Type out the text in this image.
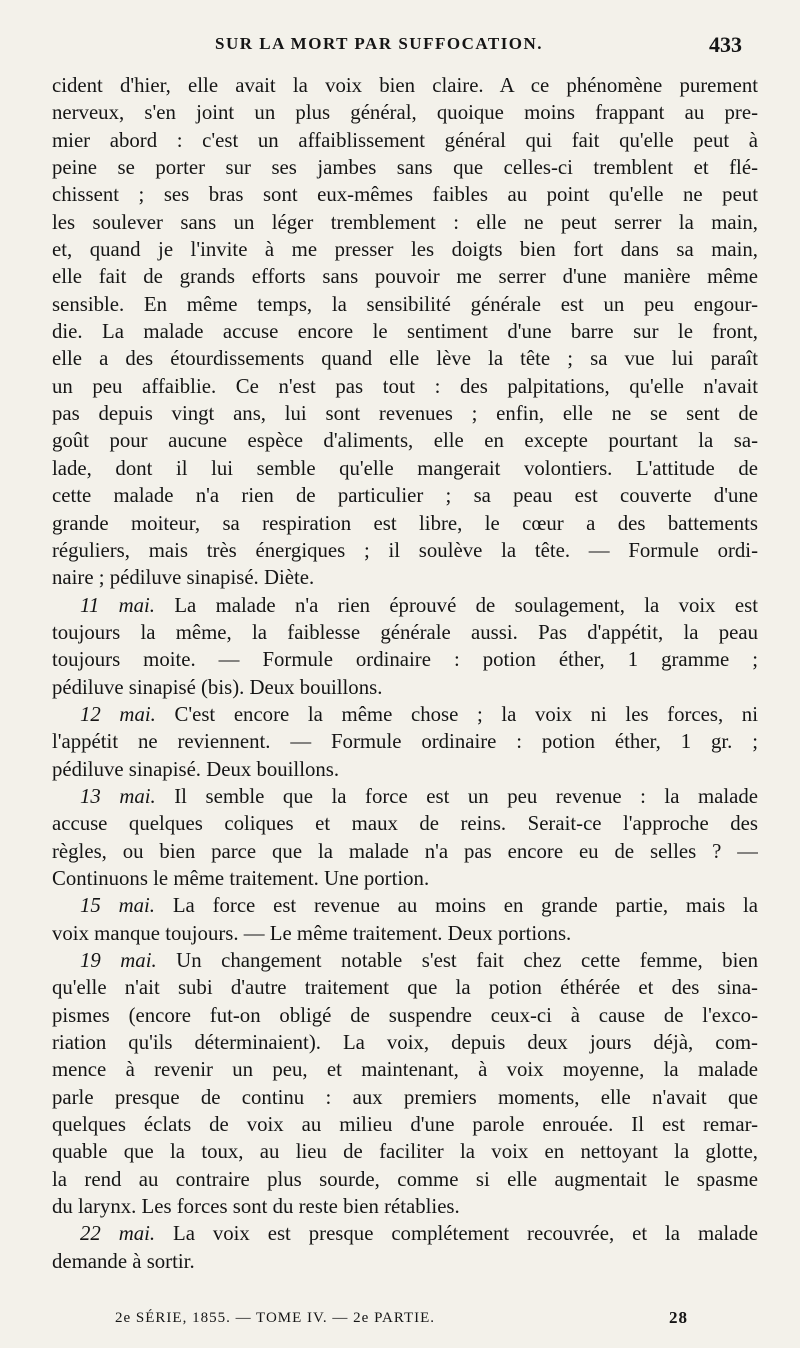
SUR LA MORT PAR SUFFOCATION.	433
cident d'hier, elle avait la voix bien claire. A ce phénomène purement
nerveux, s'en joint un plus général, quoique moins frappant au pre-
mier abord : c'est un affaiblissement général qui fait qu'elle peut à
peine se porter sur ses jambes sans que celles-ci tremblent et flé-
chissent ; ses bras sont eux-mêmes faibles au point qu'elle ne peut
les soulever sans un léger tremblement : elle ne peut serrer la main,
et, quand je l'invite à me presser les doigts bien fort dans sa main,
elle fait de grands efforts sans pouvoir me serrer d'une manière même
sensible. En même temps, la sensibilité générale est un peu engour-
die. La malade accuse encore le sentiment d'une barre sur le front,
elle a des étourdissements quand elle lève la tête ; sa vue lui paraît
un peu affaiblie. Ce n'est pas tout : des palpitations, qu'elle n'avait
pas depuis vingt ans, lui sont revenues ; enfin, elle ne se sent de
goût pour aucune espèce d'aliments, elle en excepte pourtant la sa-
lade, dont il lui semble qu'elle mangerait volontiers. L'attitude de
cette malade n'a rien de particulier ; sa peau est couverte d'une
grande moiteur, sa respiration est libre, le cœur a des battements
réguliers, mais très énergiques ; il soulève la tête. — Formule ordi-
naire ; pédiluve sinapisé. Diète.
11 mai. La malade n'a rien éprouvé de soulagement, la voix est
toujours la même, la faiblesse générale aussi. Pas d'appétit, la peau
toujours moite. — Formule ordinaire : potion éther, 1 gramme ;
pédiluve sinapisé (bis). Deux bouillons.
12 mai. C'est encore la même chose ; la voix ni les forces, ni
l'appétit ne reviennent. — Formule ordinaire : potion éther, 1 gr. ;
pédiluve sinapisé. Deux bouillons.
13 mai. Il semble que la force est un peu revenue : la malade
accuse quelques coliques et maux de reins. Serait-ce l'approche des
règles, ou bien parce que la malade n'a pas encore eu de selles ? —
Continuons le même traitement. Une portion.
15 mai. La force est revenue au moins en grande partie, mais la
voix manque toujours. — Le même traitement. Deux portions.
19 mai. Un changement notable s'est fait chez cette femme, bien
qu'elle n'ait subi d'autre traitement que la potion éthérée et des sina-
pismes (encore fut-on obligé de suspendre ceux-ci à cause de l'exco-
riation qu'ils déterminaient). La voix, depuis deux jours déjà, com-
mence à revenir un peu, et maintenant, à voix moyenne, la malade
parle presque de continu : aux premiers moments, elle n'avait que
quelques éclats de voix au milieu d'une parole enrouée. Il est remar-
quable que la toux, au lieu de faciliter la voix en nettoyant la glotte,
la rend au contraire plus sourde, comme si elle augmentait le spasme
du larynx. Les forces sont du reste bien rétablies.
22 mai. La voix est presque complétement recouvrée, et la malade
demande à sortir.
2e SÉRIE, 1855. — TOME IV. — 2e PARTIE.	28
